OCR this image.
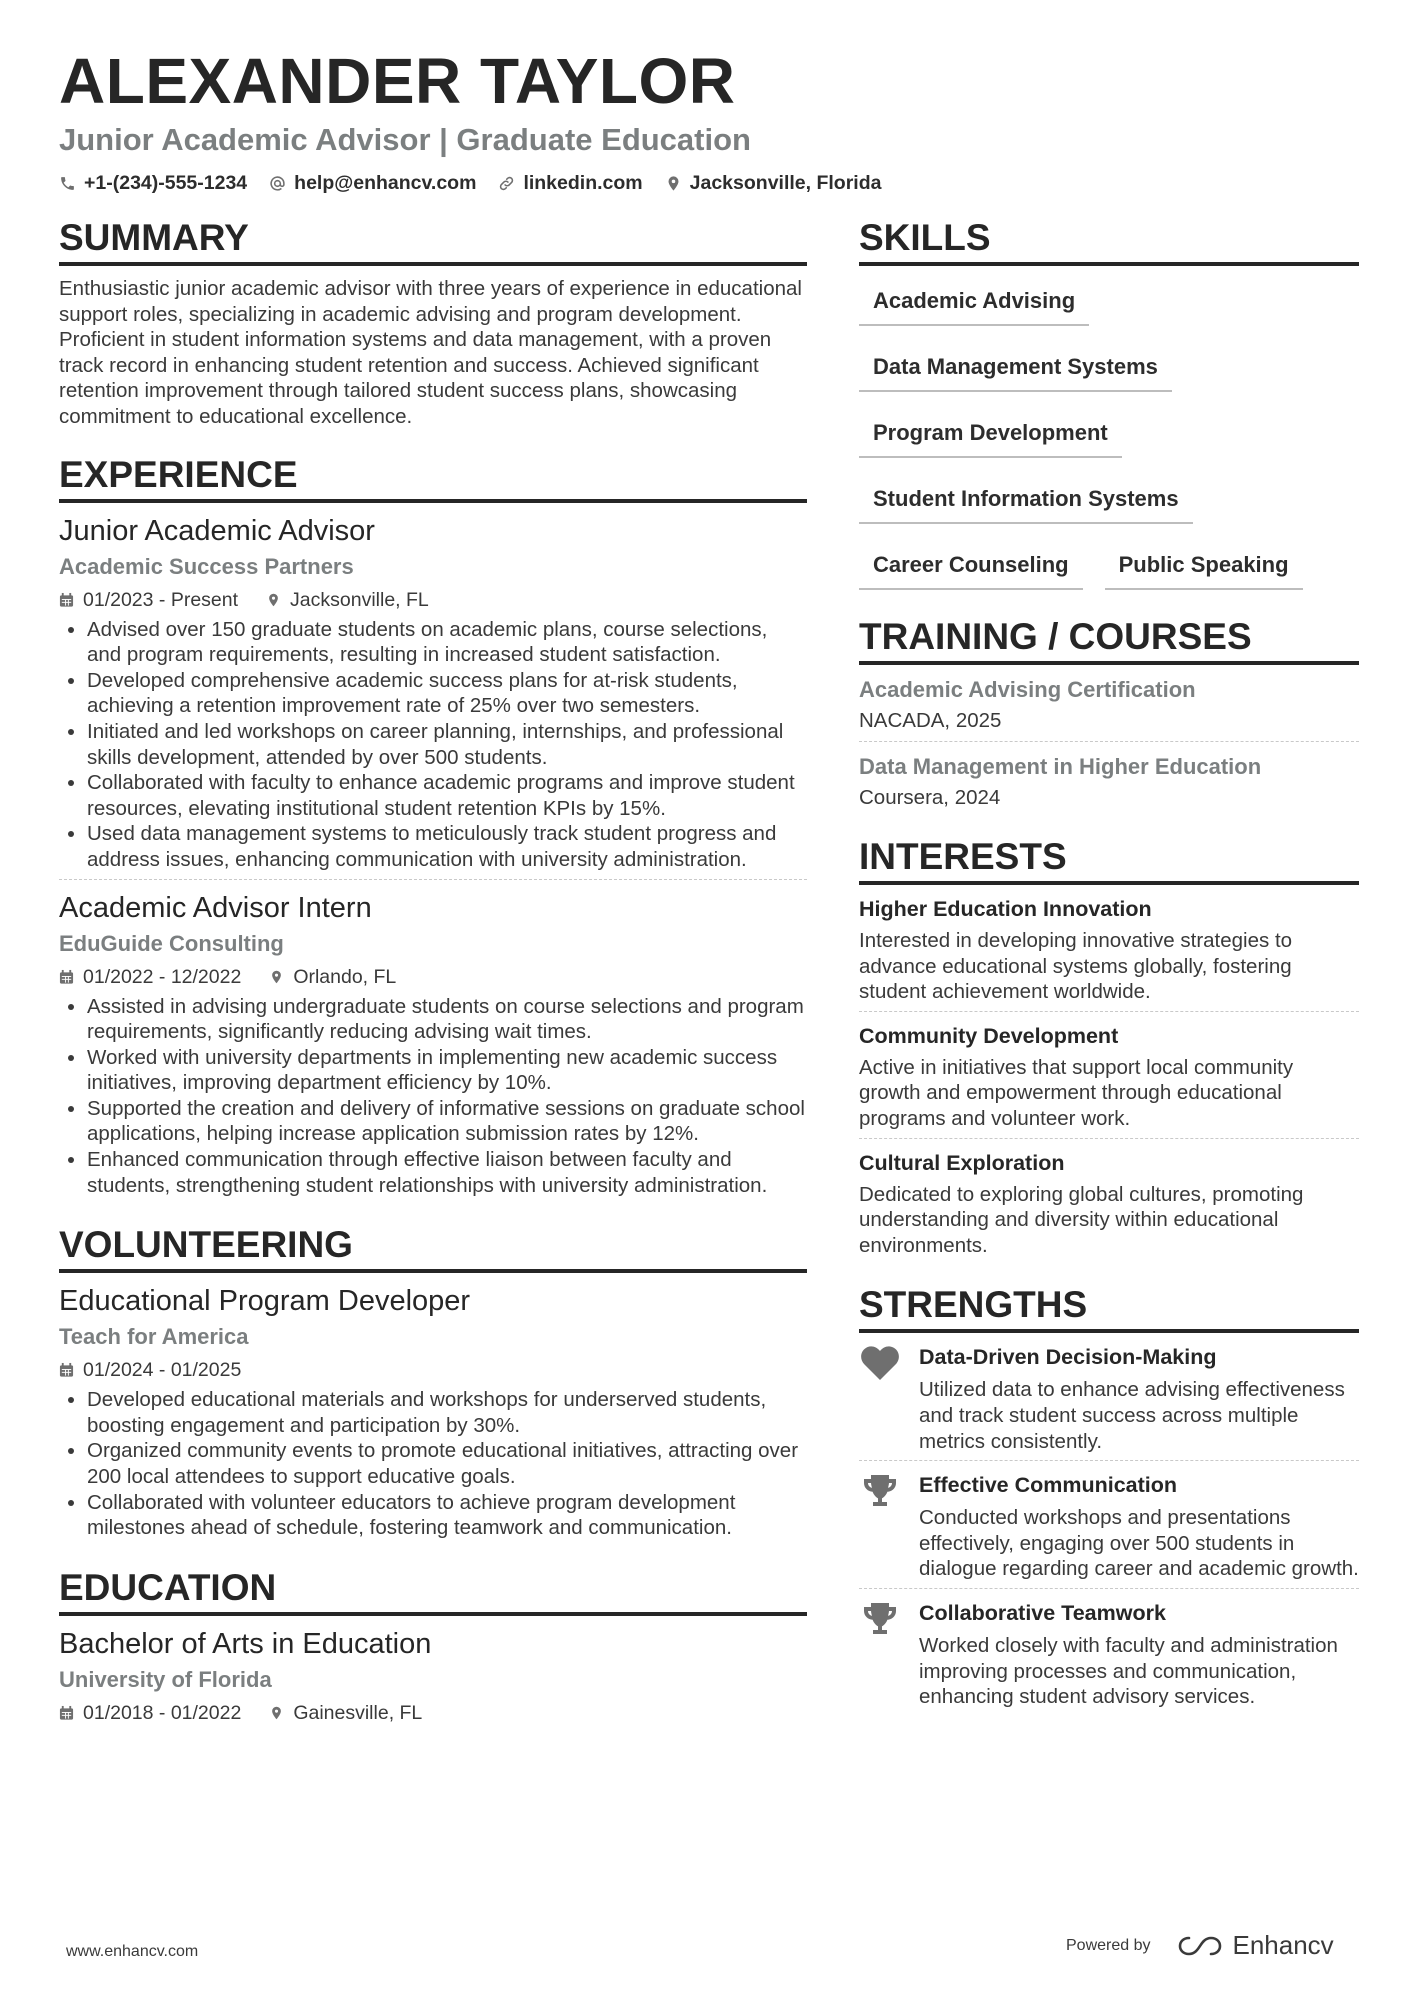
ALEXANDER TAYLOR
Junior Academic Advisor | Graduate Education
+1-(234)-555-1234 help@enhancv.com linkedin.com Jacksonville, Florida
SUMMARY
Enthusiastic junior academic advisor with three years of experience in educational support roles, specializing in academic advising and program development. Proficient in student information systems and data management, with a proven track record in enhancing student retention and success. Achieved significant retention improvement through tailored student success plans, showcasing commitment to educational excellence.
EXPERIENCE
Junior Academic Advisor
Academic Success Partners
01/2023 - Present	Jacksonville, FL
• Advised over 150 graduate students on academic plans, course selections, and program requirements, resulting in increased student satisfaction.
• Developed comprehensive academic success plans for at-risk students, achieving a retention improvement rate of 25% over two semesters.
• Initiated and led workshops on career planning, internships, and professional skills development, attended by over 500 students.
• Collaborated with faculty to enhance academic programs and improve student resources, elevating institutional student retention KPIs by 15%.
• Used data management systems to meticulously track student progress and address issues, enhancing communication with university administration.
Academic Advisor Intern
EduGuide Consulting
01/2022 - 12/2022	Orlando, FL
• Assisted in advising undergraduate students on course selections and program requirements, significantly reducing advising wait times.
• Worked with university departments in implementing new academic success initiatives, improving department efficiency by 10%.
• Supported the creation and delivery of informative sessions on graduate school applications, helping increase application submission rates by 12%.
• Enhanced communication through effective liaison between faculty and students, strengthening student relationships with university administration.
VOLUNTEERING
Educational Program Developer
Teach for America
01/2024 - 01/2025
• Developed educational materials and workshops for underserved students, boosting engagement and participation by 30%.
• Organized community events to promote educational initiatives, attracting over 200 local attendees to support educative goals.
• Collaborated with volunteer educators to achieve program development milestones ahead of schedule, fostering teamwork and communication.
EDUCATION
Bachelor of Arts in Education
University of Florida
01/2018 - 01/2022	Gainesville, FL
SKILLS
Academic Advising
Data Management Systems
Program Development
Student Information Systems
Career Counseling	Public Speaking
TRAINING / COURSES
Academic Advising Certification
NACADA, 2025
Data Management in Higher Education
Coursera, 2024
INTERESTS
Higher Education Innovation
Interested in developing innovative strategies to advance educational systems globally, fostering student achievement worldwide.
Community Development
Active in initiatives that support local community growth and empowerment through educational programs and volunteer work.
Cultural Exploration
Dedicated to exploring global cultures, promoting understanding and diversity within educational environments.
STRENGTHS
Data-Driven Decision-Making
Utilized data to enhance advising effectiveness and track student success across multiple metrics consistently.
Effective Communication
Conducted workshops and presentations effectively, engaging over 500 students in dialogue regarding career and academic growth.
Collaborative Teamwork
Worked closely with faculty and administration improving processes and communication, enhancing student advisory services.
www.enhancv.com	Powered by	Enhancv
